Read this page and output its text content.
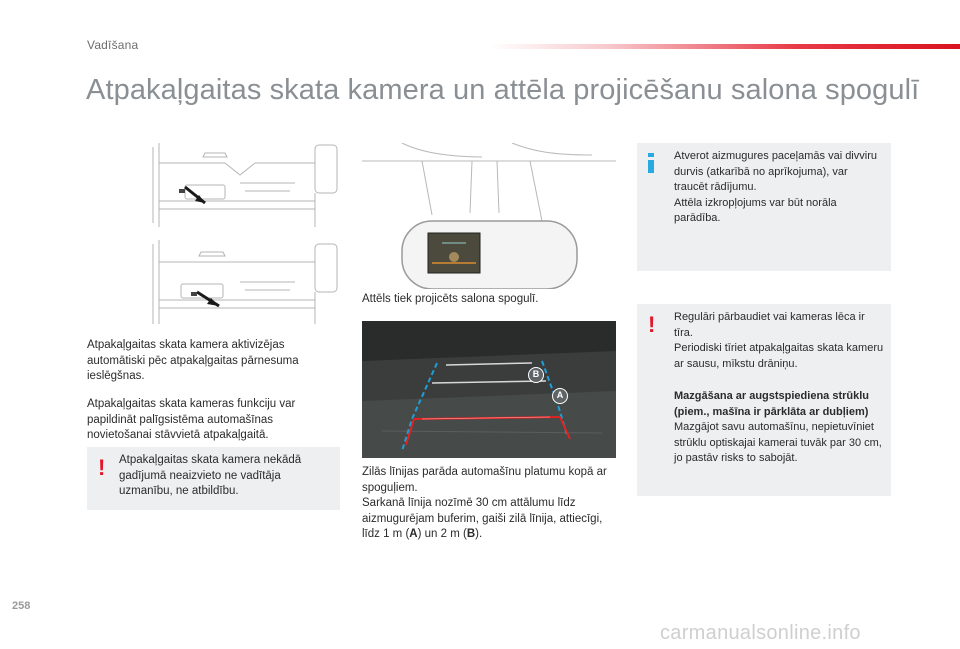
Vadīšana
Atpakaļgaitas skata kamera un attēla projicēšanu salona spogulī
Atpakaļgaitas skata kamera aktivizējas automātiski pēc atpakaļgaitas pārnesuma ieslēgšnas.
Atpakaļgaitas skata kameras funkciju var papildināt palīgsistēma automašīnas novietošanai stāvvietā atpakaļgaitā.
! Atpakaļgaitas skata kamera nekādā gadījumā neaizvieto ne vadītāja uzmanību, ne atbildību.
Attēls tiek projicēts salona spogulī.
B
A
Zilās līnijas parāda automašīnu platumu kopā ar spoguļiem.
Sarkanā līnija nozīmē 30 cm attālumu līdz aizmugurējam buferim, gaiši zilā līnija, attiecīgi, līdz 1 m (A) un 2 m (B).
Atverot aizmugures paceļamās vai divviru durvis (atkarībā no aprīkojuma), var traucēt rādījumu.
Attēla izkropļojums var būt norāla parādība.
! Regulāri pārbaudiet vai kameras lēca ir tīra.
Periodiski tīriet atpakaļgaitas skata kameru ar sausu, mīkstu drāniņu.
Mazgāšana ar augstspiediena strūklu (piem., mašīna ir pārklāta ar dubļiem)
Mazgājot savu automašīnu, nepietuvīniet strūklu optiskajai kamerai tuvāk par 30 cm, jo pastāv risks to sabojāt.
258
carmanualsonline.info
